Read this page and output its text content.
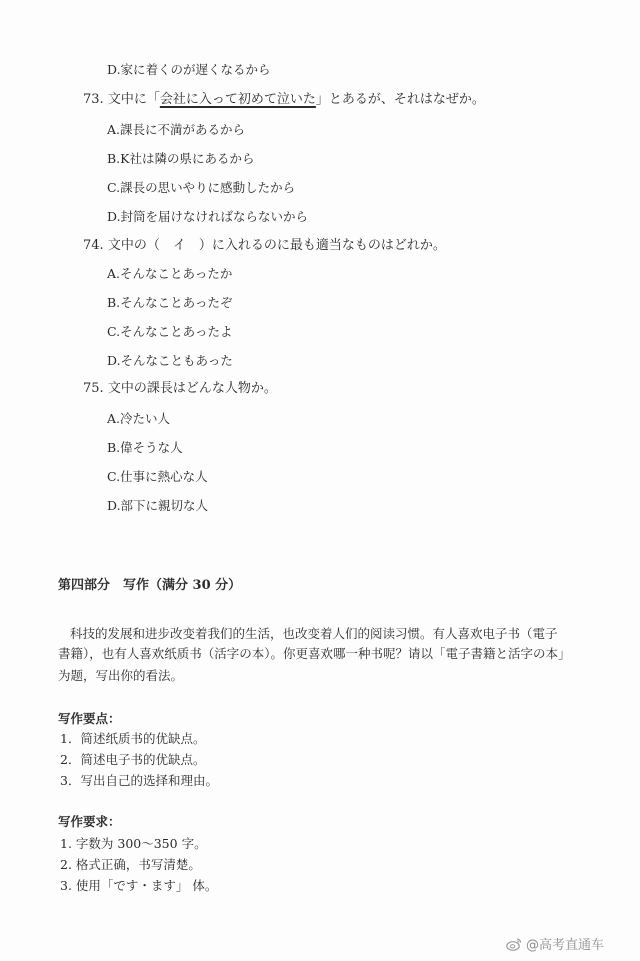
D.家に着くのが遅くなるから
73. 文中に「会社に入って初めて泣いた」とあるが、それはなぜか。
A.課長に不満があるから
B.K社は隣の県にあるから
C.課長の思いやりに感動したから
D.封筒を届けなければならないから
74. 文中の（　イ　）に入れるのに最も適当なものはどれか。
A.そんなことあったか
B.そんなことあったぞ
C.そんなことあったよ
D.そんなこともあった
75. 文中の課長はどんな人物か。
A.冷たい人
B.偉そうな人
C.仕事に熱心な人
D.部下に親切な人
第四部分　写作（满分 30 分）
科技的发展和进步改变着我们的生活，也改变着人们的阅读习惯。有人喜欢电子书（電子
書籍），也有人喜欢纸质书（活字の本）。你更喜欢哪一种书呢？请以「電子書籍と活字の本」
为题，写出你的看法。
写作要点：
1．简述纸质书的优缺点。
2．简述电子书的优缺点。
3．写出自己的选择和理由。
写作要求：
1. 字数为 300～350 字。
2. 格式正确，书写清楚。
3. 使用「です・ます」 体。
@高考直通车
